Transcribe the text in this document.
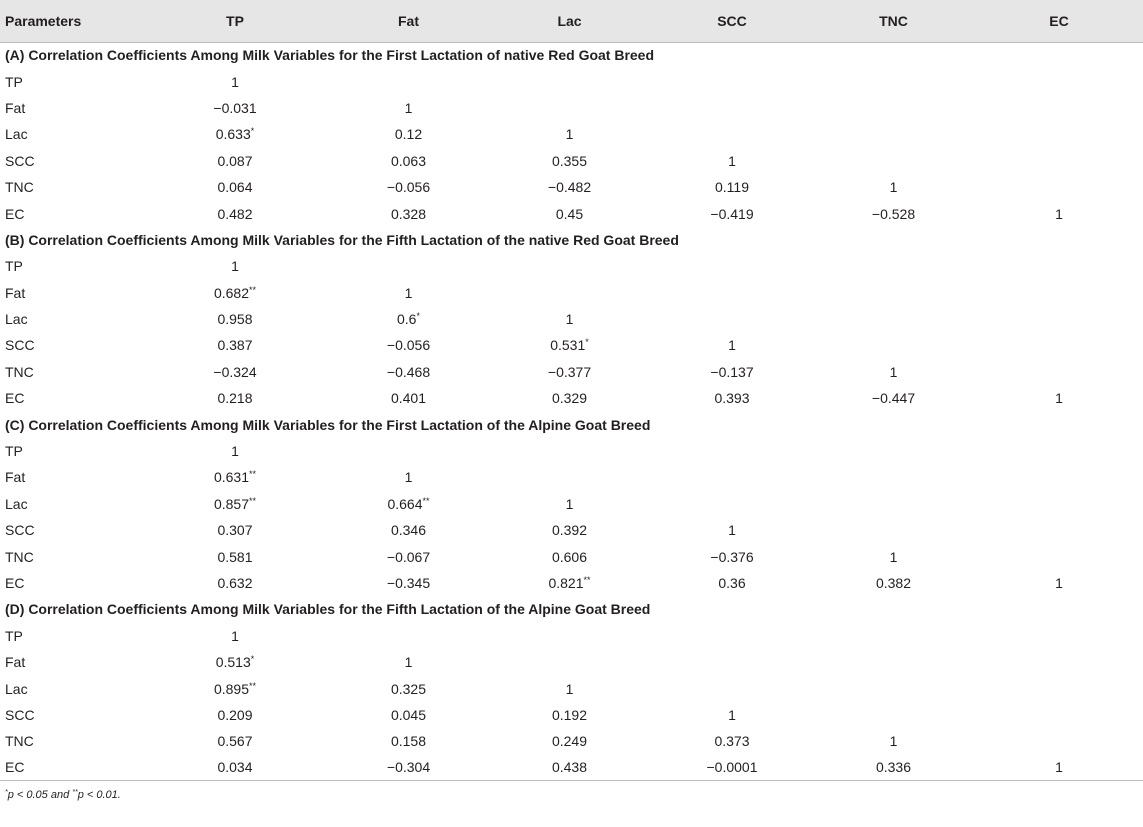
Parameters	TP	Fat	Lac	SCC	TNC	EC
(A) Correlation Coefficients Among Milk Variables for the First Lactation of native Red Goat Breed						
TP	1					
Fat	−0.031	1				
Lac	0.633*	0.12	1			
SCC	0.087	0.063	0.355	1		
TNC	0.064	−0.056	−0.482	0.119	1	
EC	0.482	0.328	0.45	−0.419	−0.528	1
(B) Correlation Coefficients Among Milk Variables for the Fifth Lactation of the native Red Goat Breed						
TP	1					
Fat	0.682**	1				
Lac	0.958	0.6*	1			
SCC	0.387	−0.056	0.531*	1		
TNC	−0.324	−0.468	−0.377	−0.137	1	
EC	0.218	0.401	0.329	0.393	−0.447	1
(C) Correlation Coefficients Among Milk Variables for the First Lactation of the Alpine Goat Breed						
TP	1					
Fat	0.631**	1				
Lac	0.857**	0.664**	1			
SCC	0.307	0.346	0.392	1		
TNC	0.581	−0.067	0.606	−0.376	1	
EC	0.632	−0.345	0.821**	0.36	0.382	1
(D) Correlation Coefficients Among Milk Variables for the Fifth Lactation of the Alpine Goat Breed						
TP	1					
Fat	0.513*	1				
Lac	0.895**	0.325	1			
SCC	0.209	0.045	0.192	1		
TNC	0.567	0.158	0.249	0.373	1	
EC	0.034	−0.304	0.438	−0.0001	0.336	1
*p < 0.05 and **p < 0.01.
